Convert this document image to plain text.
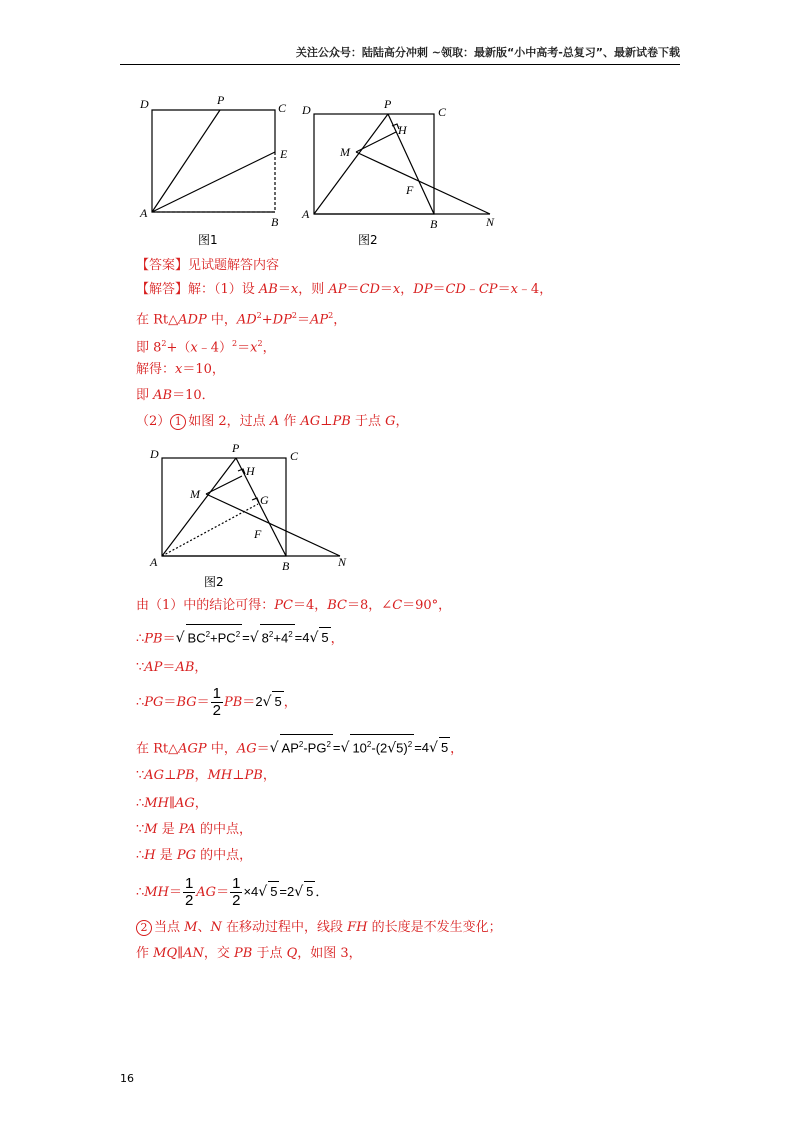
关注公众号：陆陆高分冲刺 ~领取：最新版“小中高考-总复习”、最新试卷下载
D	P
C
E
A
B
图1
D	P
C
H
M
F
A
B	N
图2
【答案】见试题解答内容
【解答】解：（1）设 AB＝x，则 AP＝CD＝x，DP＝CD﹣CP＝x﹣4，
在 Rt△ADP 中，$AD^2+DP^2=AP^2$，
即 $8^2+(x﹣4)^2=x^2$，
解得：x＝10，
即 AB＝10．
（2） 1 如图 2，过点 A 作 AG⊥PB 于点 G，
D	P
C
H
M	G
F
A	B	N
图2
由（1）中的结论可得：PC＝4，BC＝8，∠C＝90°，
∴PB＝√ $BC^2+PC^2$ =√ $8^2+4^2 =4√$ 5 ，
∵AP＝AB，
∴PG＝BG＝ $\frac{1}{2} PB=2√$ 5 ，
在 Rt△AGP 中，AG＝√ $AP^2-PG^2$ =√ $10^2-(2√5)^2 =4√$ 5 ，
∵AG⊥PB，MH⊥PB，
∴MH∥AG，
∵M 是 PA 的中点，
∴H 是 PG 的中点，
∴MH＝ $\frac{1}{2} AG= \frac{1}{2} \times 4√$ 5 =2√ 5 ．
2 当点 M、N 在移动过程中，线段 FH 的长度是不发生变化；
作 MQ∥AN，交 PB 于点 Q，如图 3，
16
